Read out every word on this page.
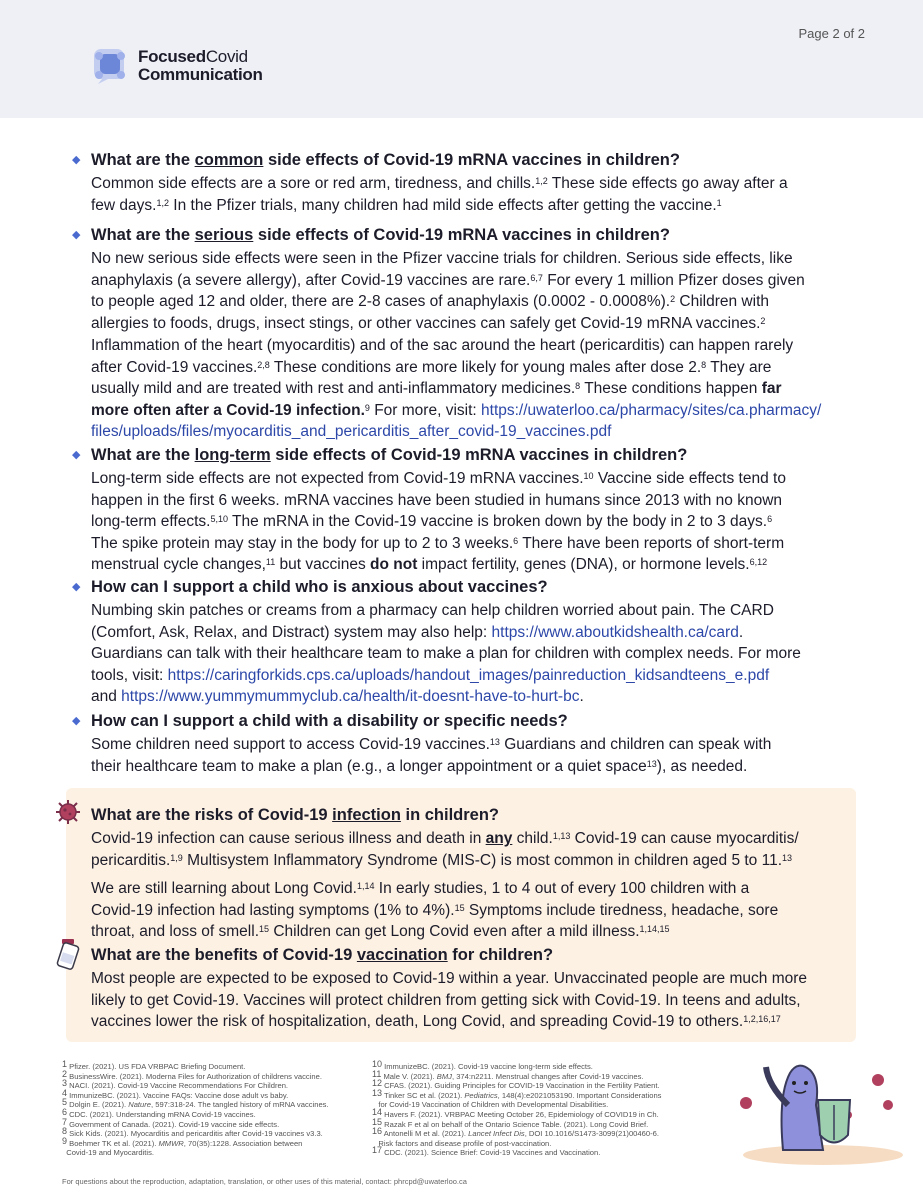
FocusedCovid
Communication
Page 2 of 2
◆ What are the common side effects of Covid-19 mRNA vaccines in children?
Common side effects are a sore or red arm, tiredness, and chills.$^{1,2}$ These side effects go away after a
few days.$^{1,2}$ In the Pfizer trials, many children had mild side effects after getting the vaccine.$^1$
◆ What are the serious side effects of Covid-19 mRNA vaccines in children?
No new serious side effects were seen in the Pfizer vaccine trials for children. Serious side effects, like
anaphylaxis (a severe allergy), after Covid-19 vaccines are rare.$^{6,7}$ For every 1 million Pfizer doses given
to people aged 12 and older, there are 2-8 cases of anaphylaxis (0.0002 - 0.0008%).$^2$ Children with
allergies to foods, drugs, insect stings, or other vaccines can safely get Covid-19 mRNA vaccines.$^2$
Inflammation of the heart (myocarditis) and of the sac around the heart (pericarditis) can happen rarely
after Covid-19 vaccines.$^{2,8}$ These conditions are more likely for young males after dose 2.$^8$ They are
usually mild and are treated with rest and anti-inflammatory medicines.$^8$ These conditions happen far
more often after a Covid-19 infection.$^9$ For more, visit: https://uwaterloo.ca/pharmacy/sites/ca.pharmacy/
files/uploads/files/myocarditis_and_pericarditis_after_covid-19_vaccines.pdf
◆ What are the long-term side effects of Covid-19 mRNA vaccines in children?
Long-term side effects are not expected from Covid-19 mRNA vaccines.$^{10}$ Vaccine side effects tend to
happen in the first 6 weeks. mRNA vaccines have been studied in humans since 2013 with no known
long-term effects.$^{5,10}$ The mRNA in the Covid-19 vaccine is broken down by the body in 2 to 3 days.$^6$
The spike protein may stay in the body for up to 2 to 3 weeks.$^6$ There have been reports of short-term
menstrual cycle changes,$^{11}$ but vaccines do not impact fertility, genes (DNA), or hormone levels.$^{6,12}$
◆ How can I support a child who is anxious about vaccines?
Numbing skin patches or creams from a pharmacy can help children worried about pain. The CARD
(Comfort, Ask, Relax, and Distract) system may also help: https://www.aboutkidshealth.ca/card.
Guardians can talk with their healthcare team to make a plan for children with complex needs. For more
tools, visit: https://caringforkids.cps.ca/uploads/handout_images/painreduction_kidsandteens_e.pdf
and https://www.yummymummyclub.ca/health/it-doesnt-have-to-hurt-bc.
◆ How can I support a child with a disability or specific needs?
Some children need support to access Covid-19 vaccines.$^{13}$ Guardians and children can speak with
their healthcare team to make a plan (e.g., a longer appointment or a quiet space$^{13}$), as needed.
What are the risks of Covid-19 infection in children?
Covid-19 infection can cause serious illness and death in any child.$^{1,13}$ Covid-19 can cause myocarditis/
pericarditis.$^{1,9}$ Multisystem Inflammatory Syndrome (MIS-C) is most common in children aged 5 to 11.13
We are still learning about Long Covid.$^{1,14}$ In early studies, 1 to 4 out of every 100 children with a
Covid-19 infection had lasting symptoms (1% to 4%).$^{15}$ Symptoms include tiredness, headache, sore
throat, and loss of smell.$^{15}$ Children can get Long Covid even after a mild illness.$^{1,14,15}$
What are the benefits of Covid-19 vaccination for children?
Most people are expected to be exposed to Covid-19 within a year. Unvaccinated people are much more
likely to get Covid-19. Vaccines will protect children from getting sick with Covid-19. In teens and adults,
vaccines lower the risk of hospitalization, death, Long Covid, and spreading Covid-19 to others.$^{1,2,16,17}$
$^1$ Pfizer. (2021). US FDA VRBPAC Briefing Document.
$^2$ BusinessWire. (2021). Moderna Files for Authorization of childrens vaccine.
$^3$ NACI. (2021). Covid-19 Vaccine Recommendations For Children.
$^4$ ImmunizeBC. (2021). Vaccine FAQs: Vaccine dose adult vs baby.
$^5$ Dolgin E. (2021). Nature, 597:318-24. The tangled history of mRNA vaccines.
$^6$ CDC. (2021). Understanding mRNA Covid-19 vaccines.
$^7$ Government of Canada. (2021). Covid-19 vaccine side effects.
$^8$ Sick Kids. (2021). Myocarditis and pericarditis after Covid-19 vaccines v3.3.
$^9$ Boehmer TK et al. (2021). MMWR, 70(35):1228. Association between
Covid-19 and Myocarditis.
$^{10}$ ImmunizeBC. (2021). Covid-19 vaccine long-term side effects.
$^{11}$ Male V. (2021). BMJ, 374:n2211. Menstrual changes after Covid-19 vaccines.
$^{12}$ CFAS. (2021). Guiding Principles for COVID-19 Vaccination in the Fertility Patient.
$^{13}$ Tinker SC et al. (2021). Pediatrics, 148(4):e2021053190. Important Considerations
for Covid-19 Vaccination of Children with Developmental Disabilities.
$^{14}$ Havers F. (2021). VRBPAC Meeting October 26, Epidemiology of COVID19 in Ch.
$^{15}$ Razak F et al on behalf of the Ontario Science Table. (2021). Long Covid Brief.
$^{16}$ Antonelli M et al. (2021). Lancet Infect Dis, DOI 10.1016/S1473-3099(21)00460-6.
Risk factors and disease profile of post-vaccination.
$^{17}$ CDC. (2021). Science Brief: Covid-19 Vaccines and Vaccination.
For questions about the reproduction, adaptation, translation, or other uses of this material, contact: phrcpd@uwaterloo.ca
